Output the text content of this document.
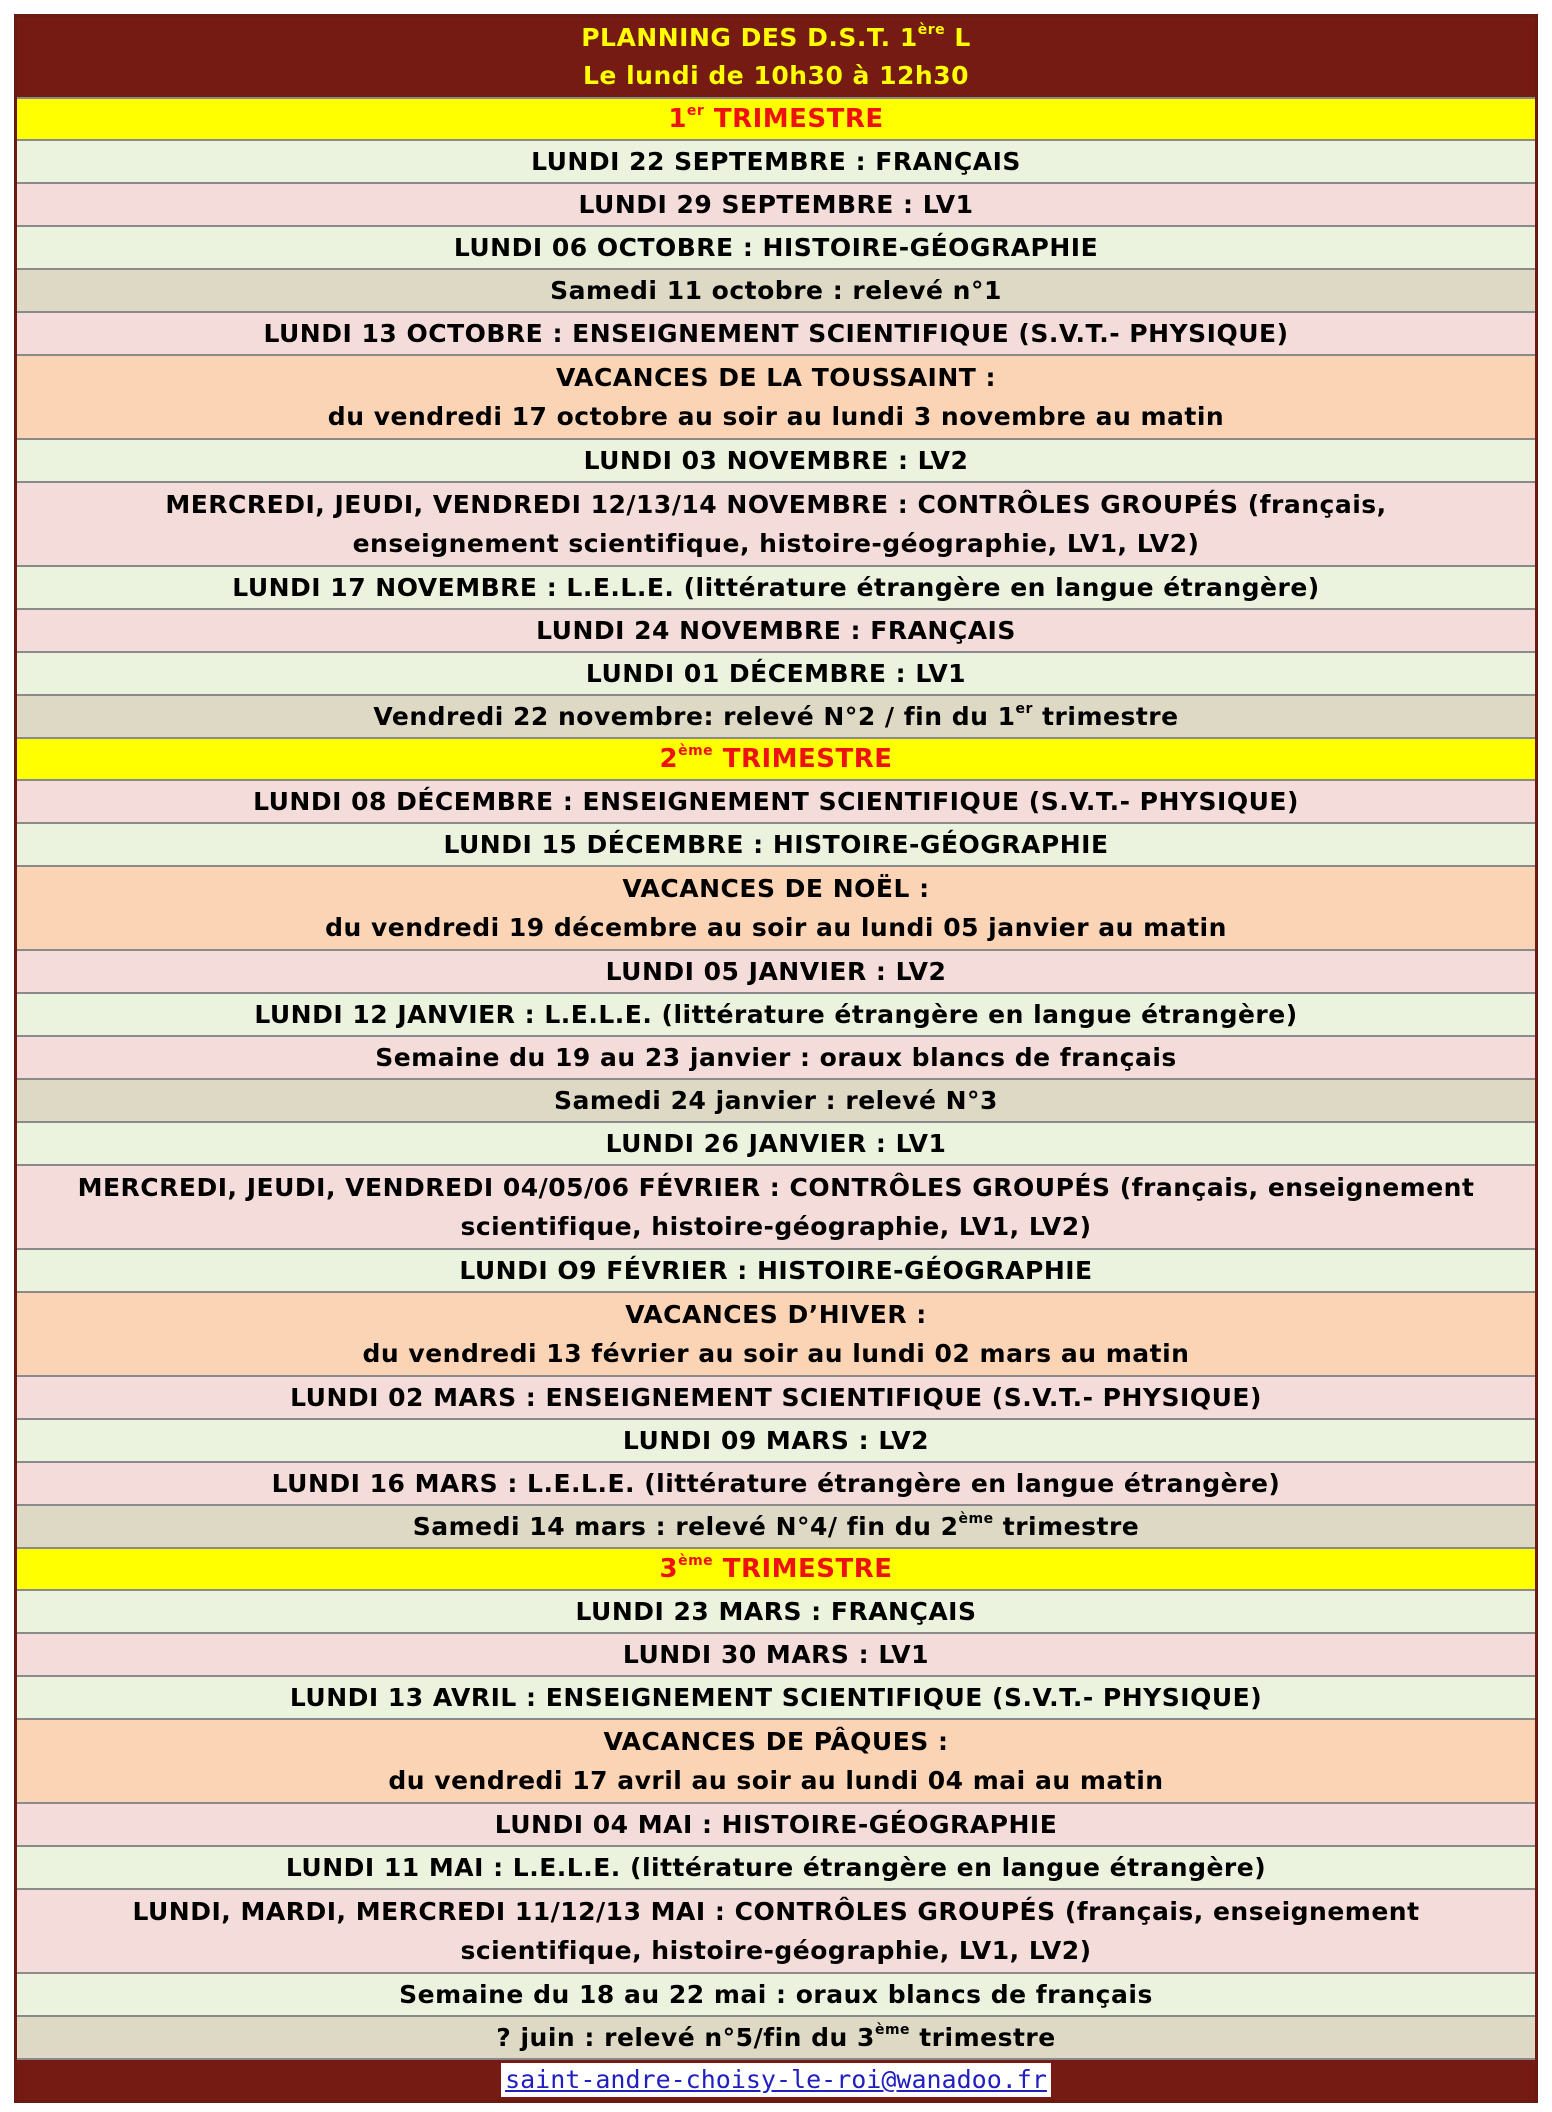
PLANNING DES D.S.T. 1ère L
Le lundi de 10h30 à 12h30
1er TRIMESTRE
LUNDI 22 SEPTEMBRE : FRANÇAIS
LUNDI 29 SEPTEMBRE : LV1
LUNDI 06 OCTOBRE : HISTOIRE-GÉOGRAPHIE
Samedi 11 octobre : relevé n°1
LUNDI 13 OCTOBRE : ENSEIGNEMENT SCIENTIFIQUE (S.V.T.- PHYSIQUE)
VACANCES DE LA TOUSSAINT :
du vendredi 17 octobre au soir au lundi 3 novembre au matin
LUNDI 03 NOVEMBRE : LV2
MERCREDI, JEUDI, VENDREDI 12/13/14 NOVEMBRE : CONTRÔLES GROUPÉS (français,
enseignement scientifique, histoire-géographie, LV1, LV2)
LUNDI 17 NOVEMBRE : L.E.L.E. (littérature étrangère en langue étrangère)
LUNDI 24 NOVEMBRE : FRANÇAIS
LUNDI 01 DÉCEMBRE : LV1
Vendredi 22 novembre: relevé N°2 / fin du 1er trimestre
2ème TRIMESTRE
LUNDI 08 DÉCEMBRE : ENSEIGNEMENT SCIENTIFIQUE (S.V.T.- PHYSIQUE)
LUNDI 15 DÉCEMBRE : HISTOIRE-GÉOGRAPHIE
VACANCES DE NOËL :
du vendredi 19 décembre au soir au lundi 05 janvier au matin
LUNDI 05 JANVIER : LV2
LUNDI 12 JANVIER : L.E.L.E. (littérature étrangère en langue étrangère)
Semaine du 19 au 23 janvier : oraux blancs de français
Samedi 24 janvier : relevé N°3
LUNDI 26 JANVIER : LV1
MERCREDI, JEUDI, VENDREDI 04/05/06 FÉVRIER : CONTRÔLES GROUPÉS (français, enseignement
scientifique, histoire-géographie, LV1, LV2)
LUNDI O9 FÉVRIER : HISTOIRE-GÉOGRAPHIE
VACANCES D’HIVER :
du vendredi 13 février au soir au lundi 02 mars au matin
LUNDI 02 MARS : ENSEIGNEMENT SCIENTIFIQUE (S.V.T.- PHYSIQUE)
LUNDI 09 MARS : LV2
LUNDI 16 MARS : L.E.L.E. (littérature étrangère en langue étrangère)
Samedi 14 mars : relevé N°4/ fin du 2ème trimestre
3ème TRIMESTRE
LUNDI 23 MARS : FRANÇAIS
LUNDI 30 MARS : LV1
LUNDI 13 AVRIL : ENSEIGNEMENT SCIENTIFIQUE (S.V.T.- PHYSIQUE)
VACANCES DE PÂQUES :
du vendredi 17 avril au soir au lundi 04 mai au matin
LUNDI 04 MAI : HISTOIRE-GÉOGRAPHIE
LUNDI 11 MAI : L.E.L.E. (littérature étrangère en langue étrangère)
LUNDI, MARDI, MERCREDI 11/12/13 MAI : CONTRÔLES GROUPÉS (français, enseignement
scientifique, histoire-géographie, LV1, LV2)
Semaine du 18 au 22 mai : oraux blancs de français
? juin : relevé n°5/fin du 3ème trimestre
saint-andre-choisy-le-roi@wanadoo.fr
